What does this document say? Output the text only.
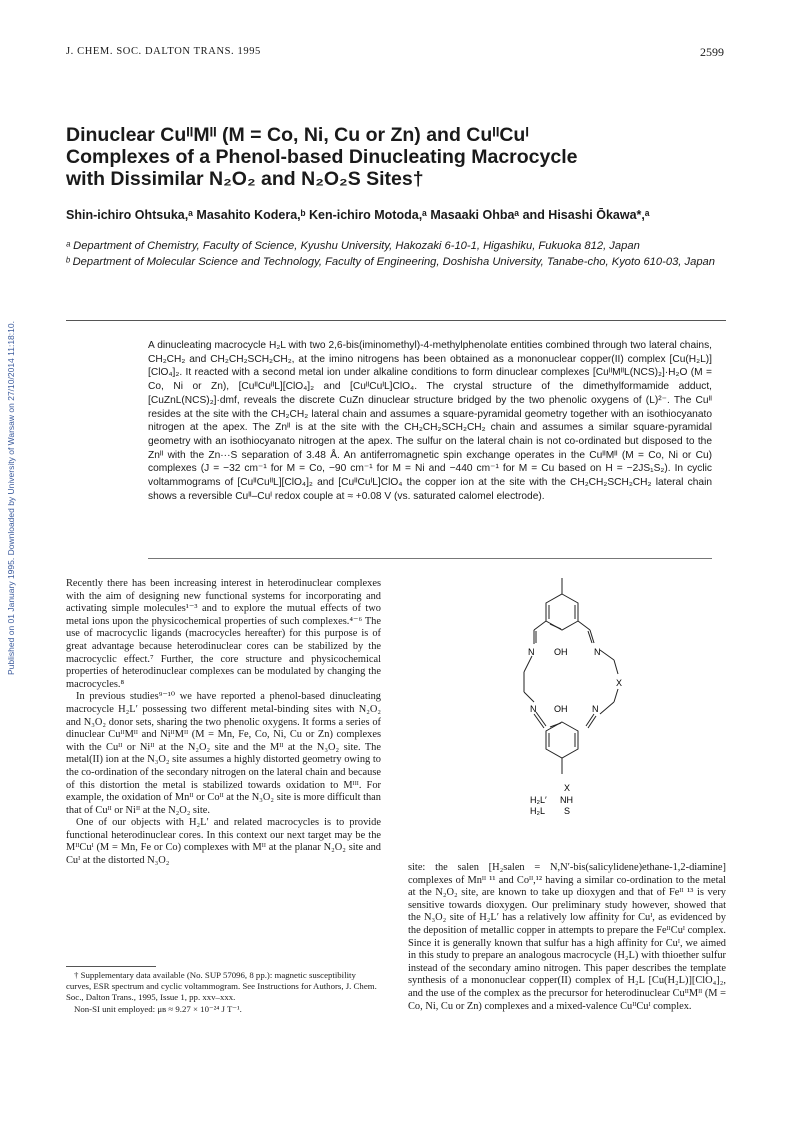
J. CHEM. SOC. DALTON TRANS. 1995	2599
Published on 01 January 1995. Downloaded by University of Warsaw on 27/10/2014 11:18:10.
Dinuclear CuᴵᴵMᴵᴵ (M = Co, Ni, Cu or Zn) and CuᴵᴵCuᴵ
Complexes of a Phenol-based Dinucleating Macrocycle
with Dissimilar N₂O₂ and N₂O₂S Sites†
Shin-ichiro Ohtsuka,ᵃ Masahito Kodera,ᵇ Ken-ichiro Motoda,ᵃ Masaaki Ohbaᵃ and Hisashi Ōkawa*,ᵃ
ᵃ Department of Chemistry, Faculty of Science, Kyushu University, Hakozaki 6-10-1, Higashiku, Fukuoka 812, Japan
ᵇ Department of Molecular Science and Technology, Faculty of Engineering, Doshisha University, Tanabe-cho, Kyoto 610-03, Japan
A dinucleating macrocycle H₂L with two 2,6-bis(iminomethyl)-4-methylphenolate entities combined through two lateral chains, CH₂CH₂ and CH₂CH₂SCH₂CH₂, at the imino nitrogens has been obtained as a mononuclear copper(II) complex [Cu(H₂L)][ClO₄]₂. It reacted with a second metal ion under alkaline conditions to form dinuclear complexes [CuᴵᴵMᴵᴵL(NCS)₂]·H₂O (M = Co, Ni or Zn), [CuᴵᴵCuᴵᴵL][ClO₄]₂ and [CuᴵᴵCuᴵL]ClO₄. The crystal structure of the dimethylformamide adduct, [CuZnL(NCS)₂]·dmf, reveals the discrete CuZn dinuclear structure bridged by the two phenolic oxygens of (L)²⁻. The Cuᴵᴵ resides at the site with the CH₂CH₂ lateral chain and assumes a square-pyramidal geometry together with an isothiocyanato nitrogen at the apex. The Znᴵᴵ is at the site with the CH₂CH₂SCH₂CH₂ chain and assumes a similar square-pyramidal geometry with an isothiocyanato nitrogen at the apex. The sulfur on the lateral chain is not co-ordinated but disposed to the Znᴵᴵ with the Zn···S separation of 3.48 Å. An antiferromagnetic spin exchange operates in the CuᴵᴵMᴵᴵ (M = Co, Ni or Cu) complexes (J = −32 cm⁻¹ for M = Co, −90 cm⁻¹ for M = Ni and −440 cm⁻¹ for M = Cu based on H = −2JS₁S₂). In cyclic voltammograms of [CuᴵᴵCuᴵᴵL][ClO₄]₂ and [CuᴵᴵCuᴵL]ClO₄ the copper ion at the site with the CH₂CH₂SCH₂CH₂ lateral chain shows a reversible Cuᴵᴵ–Cuᴵ redox couple at ≈ +0.08 V (vs. saturated calomel electrode).

Recently there has been increasing interest in heterodinuclear complexes with the aim of designing new functional systems for incorporating and activating simple molecules¹⁻³ and to explore the mutual effects of two metal ions upon the physicochemical properties of such complexes.⁴⁻⁶ The use of macrocyclic ligands (macrocycles hereafter) for this purpose is of great advantage because heterodinuclear cores can be stabilized by the macrocyclic effect.⁷ Further, the core structure and physicochemical properties of heterodinuclear complexes can be modulated by changing the macrocycles.⁸

In previous studies⁹⁻¹⁰ we have reported a phenol-based dinucleating macrocycle H₂L′ possessing two different metal-binding sites with N₂O₂ and N₃O₂ donor sets, sharing the two phenolic oxygens. It forms a series of dinuclear CuᴵᴵMᴵᴵ and NiᴵᴵMᴵᴵ (M = Mn, Fe, Co, Ni, Cu or Zn) complexes with the Cuᴵᴵ or Niᴵᴵ at the N₂O₂ site and the Mᴵᴵ at the N₃O₂ site. The metal(II) ion at the N₃O₂ site assumes a highly distorted geometry owing to the co-ordination of the secondary nitrogen on the lateral chain and because of this distortion the metal is stabilized towards oxidation to Mᴵᴵᴵ. For example, the oxidation of Mnᴵᴵ or Coᴵᴵ at the N₃O₂ site is more difficult than that of Cuᴵᴵ or Niᴵᴵ at the N₂O₂ site.

One of our objects with H₂L′ and related macrocycles is to provide functional heterodinuclear cores. In this context our next target may be the MᴵᴵCuᴵ (M = Mn, Fe or Co) complexes with Mᴵᴵ at the planar N₂O₂ site and Cuᴵ at the distorted N₃O₂

† Supplementary data available (No. SUP 57096, 8 pp.): magnetic susceptibility curves, ESR spectrum and cyclic voltammogram. See Instructions for Authors, J. Chem. Soc., Dalton Trans., 1995, Issue 1, pp. xxv–xxx.

Non-SI unit employed: μʙ ≈ 9.27 × 10⁻²⁴ J T⁻¹.

N OH	N
X
N OH	N
X
H₂L′ NH
H₂L S

site: the salen [H₂salen = N,N′-bis(salicylidene)ethane-1,2-diamine] complexes of Mnᴵᴵ ¹¹ and Coᴵᴵ,¹² having a similar co-ordination to the metal at the N₂O₂ site, are known to take up dioxygen and that of Feᴵᴵ ¹³ is very sensitive towards dioxygen. Our preliminary study however, showed that the N₃O₂ site of H₂L′ has a relatively low affinity for Cuᴵ, as evidenced by the deposition of metallic copper in attempts to prepare the FeᴵᴵCuᴵ complex. Since it is generally known that sulfur has a high affinity for Cuᴵ, we aimed in this study to prepare an analogous macrocycle (H₂L) with thioether sulfur instead of the secondary amino nitrogen. This paper describes the template synthesis of a mononuclear copper(II) complex of H₂L [Cu(H₂L)][ClO₄]₂, and the use of the complex as the precursor for heterodinuclear CuᴵᴵMᴵᴵ (M = Co, Ni, Cu or Zn) complexes and a mixed-valence CuᴵᴵCuᴵ complex.
